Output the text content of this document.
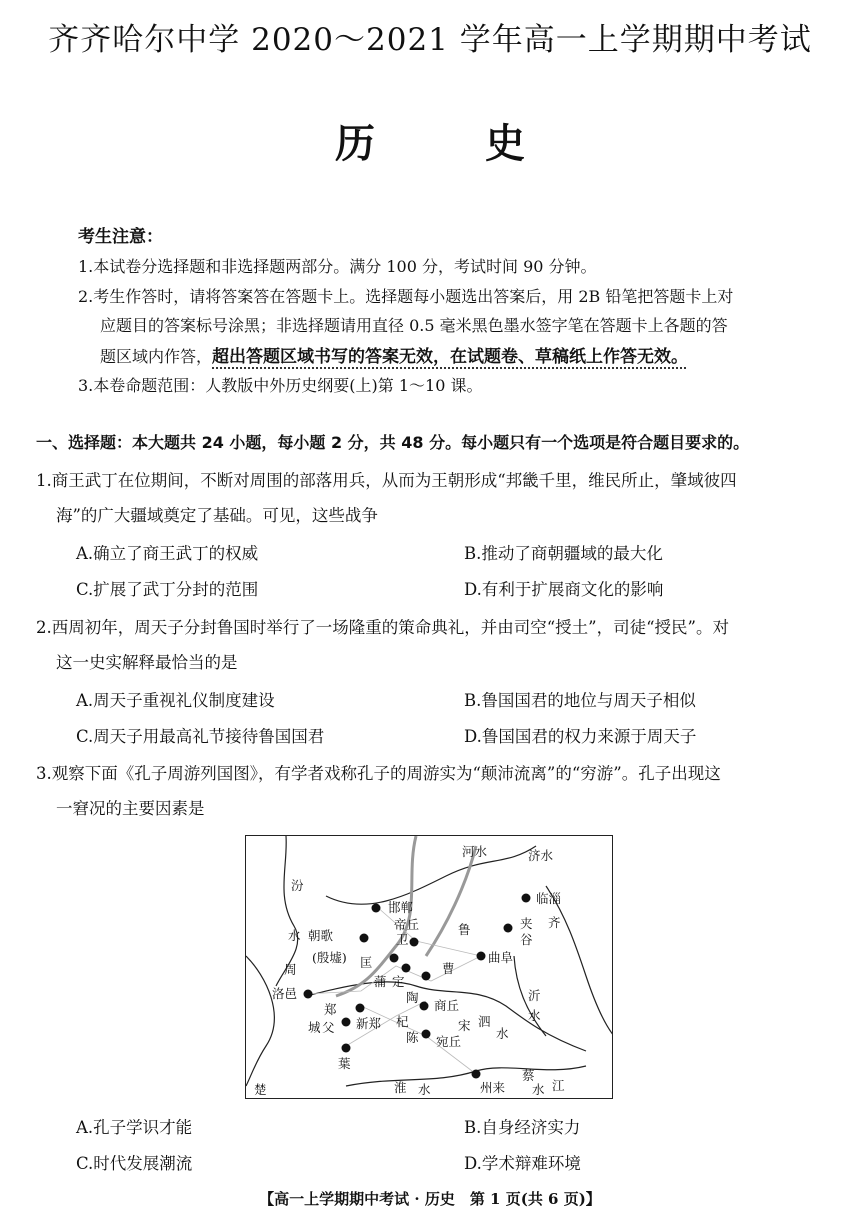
齐齐哈尔中学 2020～2021 学年高一上学期期中考试
历	史
考生注意：
1.本试卷分选择题和非选择题两部分。满分 100 分，考试时间 90 分钟。
2.考生作答时，请将答案答在答题卡上。选择题每小题选出答案后，用 2B 铅笔把答题卡上对
应题目的答案标号涂黑；非选择题请用直径 0.5 毫米黑色墨水签字笔在答题卡上各题的答
题区域内作答，超出答题区域书写的答案无效，在试题卷、草稿纸上作答无效。
3.本卷命题范围：人教版中外历史纲要(上)第 1～10 课。
一、选择题：本大题共 24 小题，每小题 2 分，共 48 分。每小题只有一个选项是符合题目要求的。
1.商王武丁在位期间，不断对周围的部落用兵，从而为王朝形成“邦畿千里，维民所止，肇域彼四
海”的广大疆域奠定了基础。可见，这些战争
A.确立了商王武丁的权威	B.推动了商朝疆域的最大化
C.扩展了武丁分封的范围	D.有利于扩展商文化的影响
2.西周初年，周天子分封鲁国时举行了一场隆重的策命典礼，并由司空“授土”，司徒“授民”。对
这一史实解释最恰当的是
A.周天子重视礼仪制度建设	B.鲁国国君的地位与周天子相似
C.周天子用最高礼节接待鲁国国君	D.鲁国国君的权力来源于周天子
3.观察下面《孔子周游列国图》，有学者戏称孔子的周游实为“颠沛流离”的“穷游”。孔子出现这
一窘况的主要因素是
河水	济水
临淄
齐
夹
谷
邯郸
帝丘
卫
鲁
曲阜
汾
水 朝歌
(殷墟) 匡
蒲 定
曹
周
洛邑	陶
商丘
沂
水
郑
城 父 新郑 杞	宋 泗
水
陈 宛丘
葉
楚	淮 水	州来
蔡
水 江
A.孔子学识才能	B.自身经济实力
C.时代发展潮流	D.学术辩难环境
【高一上学期期中考试 · 历史　第 1 页(共 6 页)】
